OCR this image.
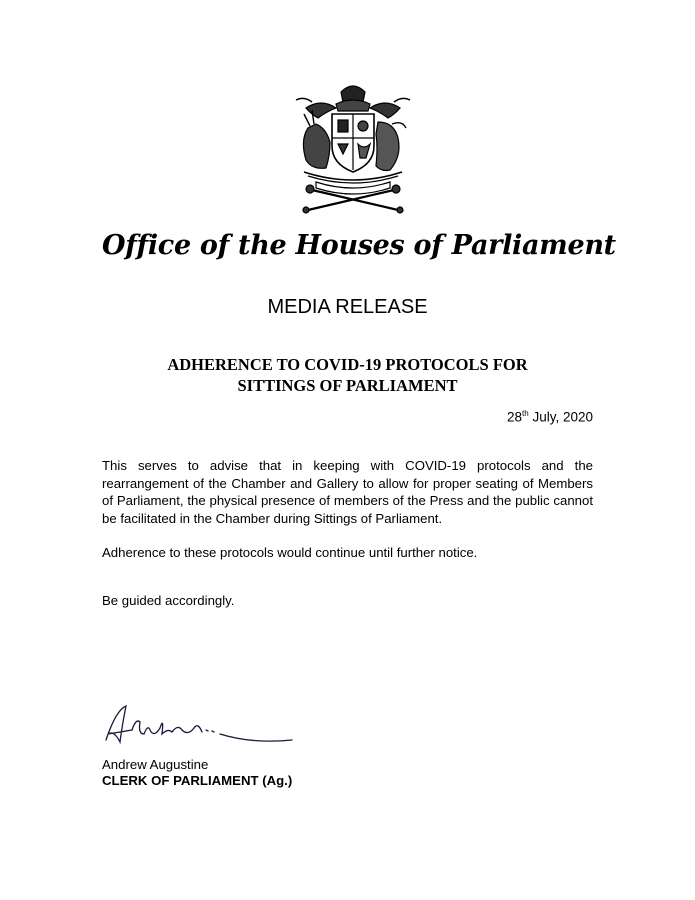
Office of the Houses of Parliament
MEDIA RELEASE
ADHERENCE TO COVID-19 PROTOCOLS FOR
SITTINGS OF PARLIAMENT
28th July, 2020
This serves to advise that in keeping with COVID-19 protocols and the rearrangement of the Chamber and Gallery to allow for proper seating of Members of Parliament, the physical presence of members of the Press and the public cannot be facilitated in the Chamber during Sittings of Parliament.
Adherence to these protocols would continue until further notice.
Be guided accordingly.
Andrew Augustine
CLERK OF PARLIAMENT (Ag.)
